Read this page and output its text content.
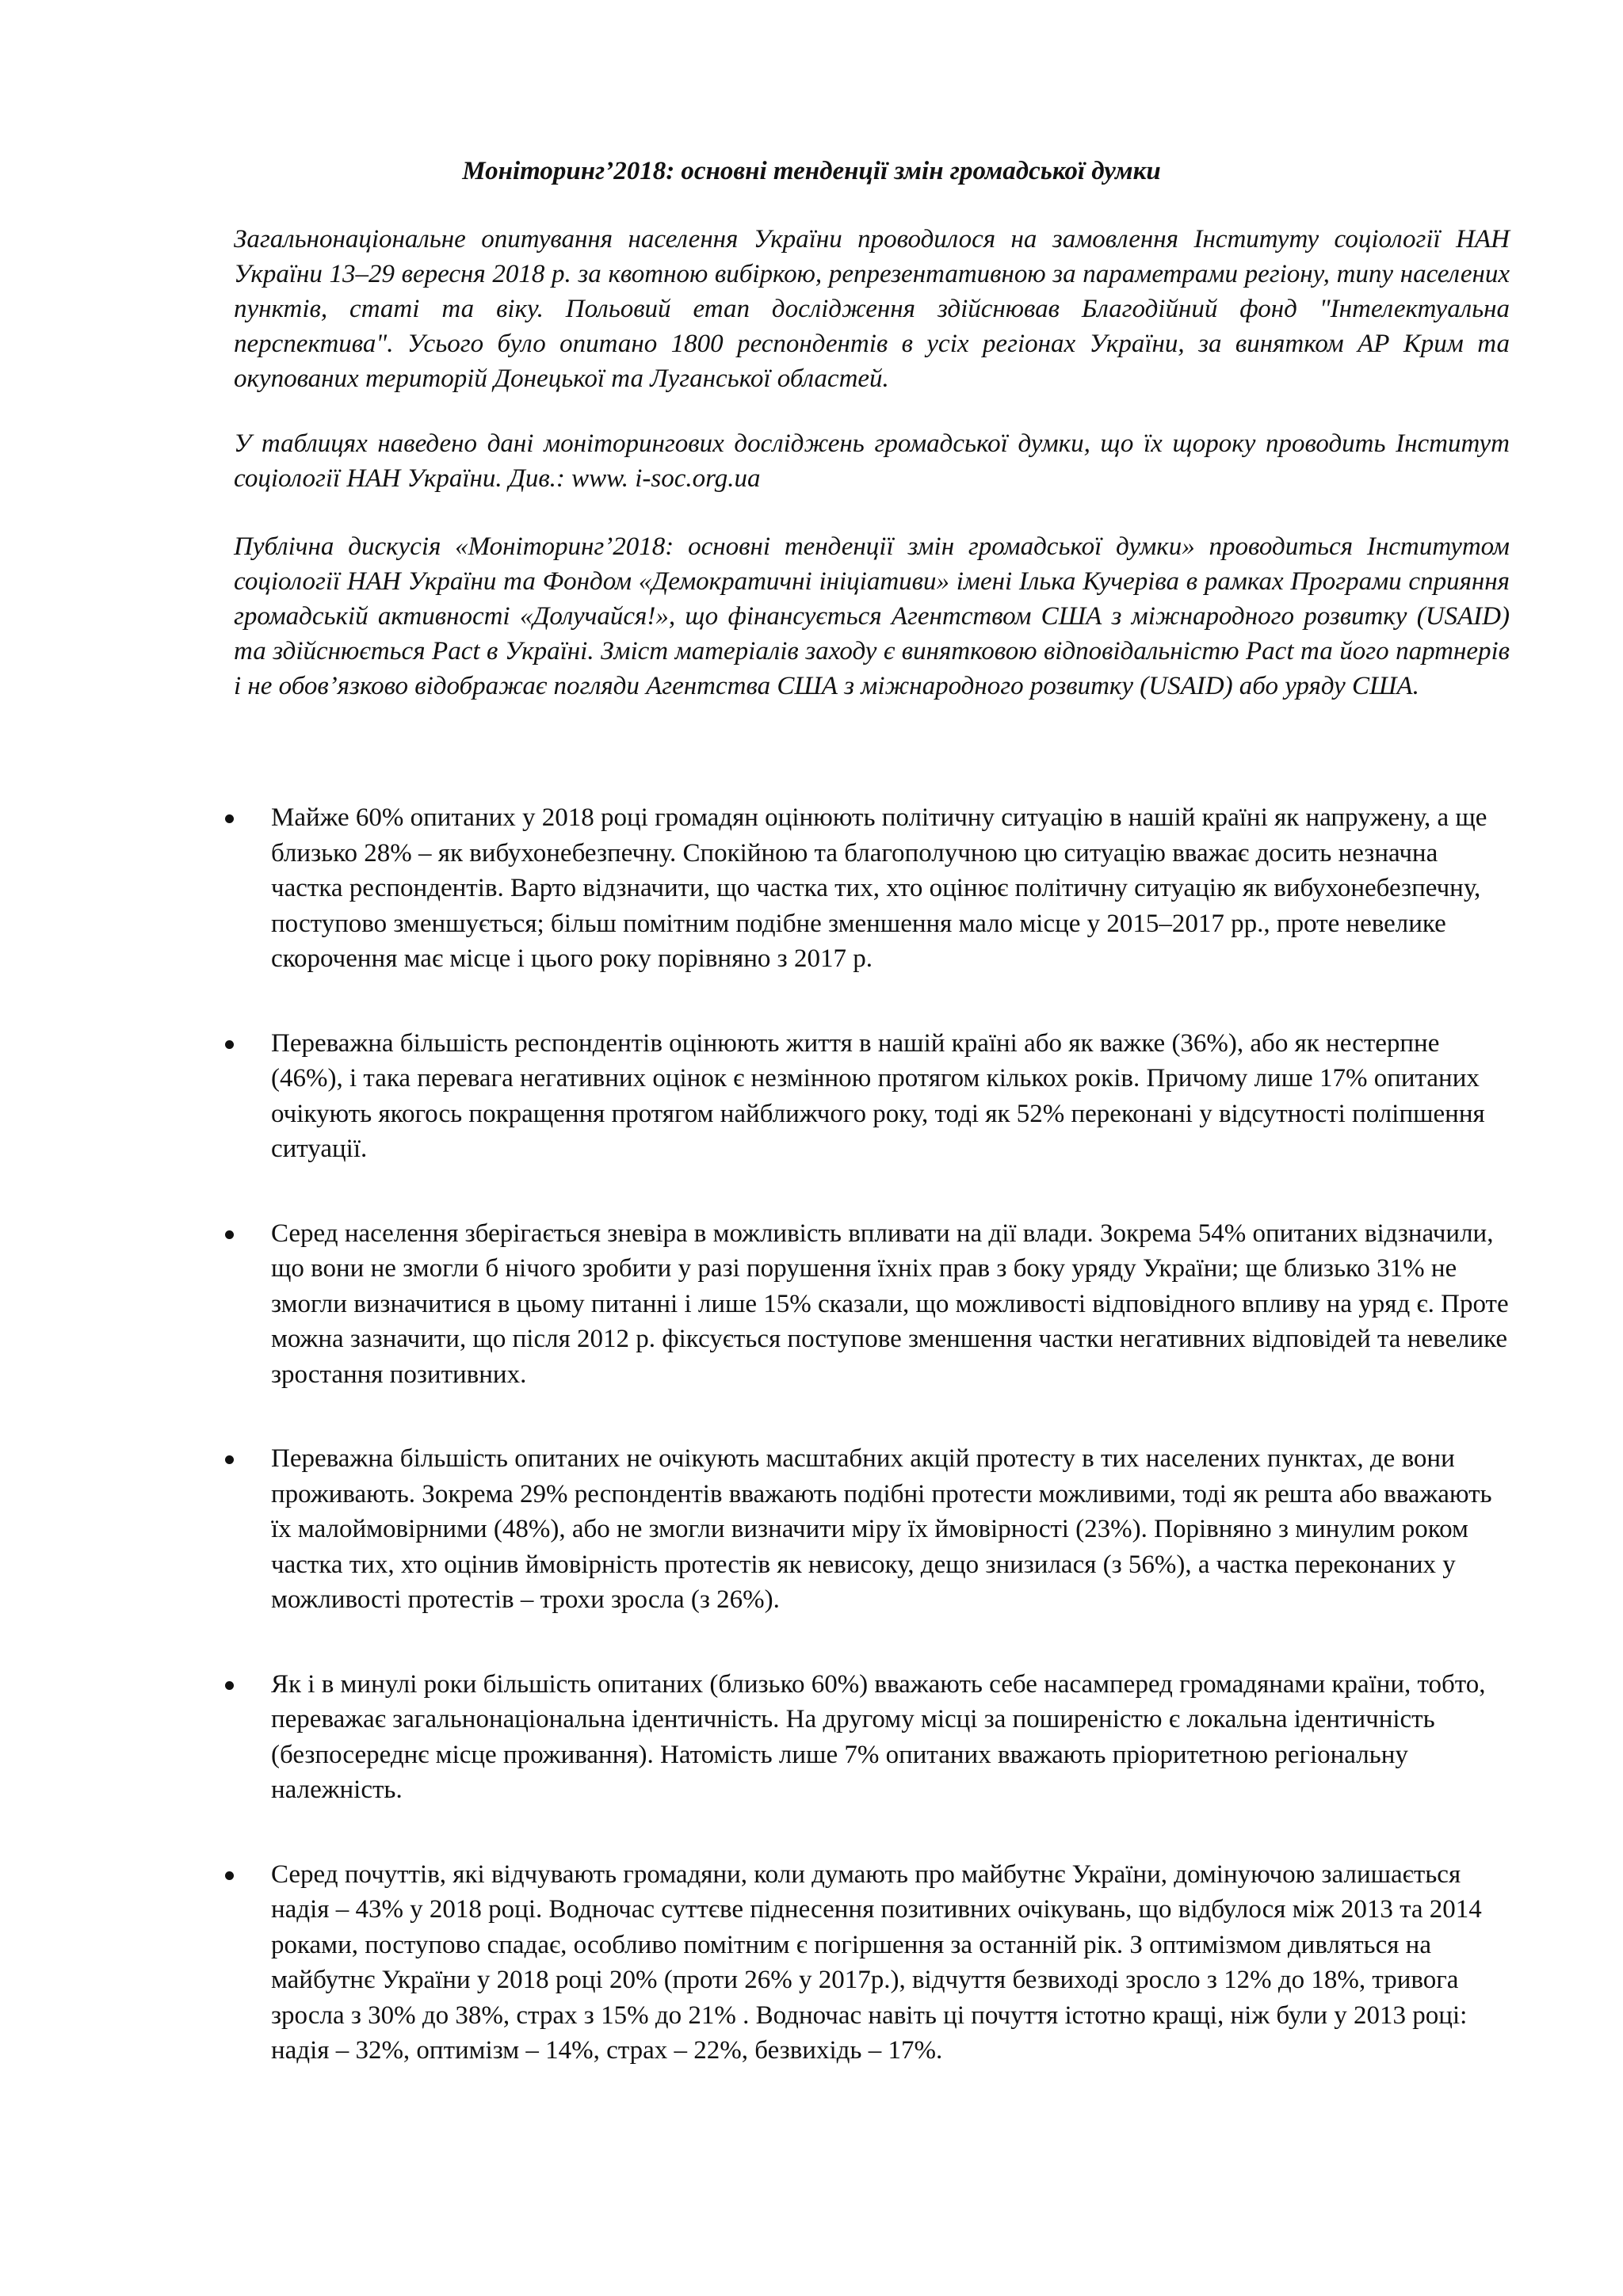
Моніторинг’2018: основні тенденції змін громадської думки

Загальнонаціональне опитування населення України проводилося на замовлення Інституту соціології НАН України 13–29 вересня 2018 р. за квотною вибіркою, репрезентативною за параметрами регіону, типу населених пунктів, статі та віку. Польовий етап дослідження здійснював Благодійний фонд "Інтелектуальна перспектива". Усього було опитано 1800 респондентів в усіх регіонах України, за винятком АР Крим та окупованих територій Донецької та Луганської областей.

У таблицях наведено дані моніторингових досліджень громадської думки, що їх щороку проводить Інститут соціології НАН України. Див.: www. i-soc.org.ua

Публічна дискусія «Моніторинг’2018: основні тенденції змін громадської думки» проводиться Інститутом соціології НАН України та Фондом «Демократичні ініціативи» імені Ілька Кучеріва в рамках Програми сприяння громадській активності «Долучайся!», що фінансується Агентством США з міжнародного розвитку (USAID) та здійснюється Pact в Україні. Зміст матеріалів заходу є винятковою відповідальністю Pact та його партнерів і не обов’язково відображає погляди Агентства США з міжнародного розвитку (USAID) або уряду США.

Майже 60% опитаних у 2018 році громадян оцінюють політичну ситуацію в нашій країні як напружену, а ще близько 28% – як вибухонебезпечну. Спокійною та благополучною цю ситуацію вважає досить незначна частка респондентів. Варто відзначити, що частка тих, хто оцінює політичну ситуацію як вибухонебезпечну, поступово зменшується; більш помітним подібне зменшення мало місце у 2015–2017 рр., проте невелике скорочення має місце і цього року порівняно з 2017 р.
Переважна більшість респондентів оцінюють життя в нашій країні або як важке (36%), або як нестерпне (46%), і така перевага негативних оцінок є незмінною протягом кількох років. Причому лише 17% опитаних очікують якогось покращення протягом найближчого року, тоді як 52% переконані у відсутності поліпшення ситуації.
Серед населення зберігається зневіра в можливість впливати на дії влади. Зокрема 54% опитаних відзначили, що вони не змогли б нічого зробити у разі порушення їхніх прав з боку уряду України; ще близько 31% не змогли визначитися в цьому питанні і лише 15% сказали, що можливості відповідного впливу на уряд є. Проте можна зазначити, що після 2012 р. фіксується поступове зменшення частки негативних відповідей та невелике зростання позитивних.
Переважна більшість опитаних не очікують масштабних акцій протесту в тих населених пунктах, де вони проживають. Зокрема 29% респондентів вважають подібні протести можливими, тоді як решта або вважають їх малоймовірними (48%), або не змогли визначити міру їх ймовірності (23%). Порівняно з минулим роком частка тих, хто оцінив ймовірність протестів як невисоку, дещо знизилася (з 56%), а частка переконаних у можливості протестів – трохи зросла (з 26%).
Як і в минулі роки більшість опитаних (близько 60%) вважають себе насамперед громадянами країни, тобто, переважає загальнонаціональна ідентичність. На другому місці за поширеністю є локальна ідентичність (безпосереднє місце проживання). Натомість лише 7% опитаних вважають пріоритетною регіональну належність.
Серед почуттів, які відчувають громадяни, коли думають про майбутнє України, домінуючою залишається надія – 43% у 2018 році. Водночас суттєве піднесення позитивних очікувань, що відбулося між 2013 та 2014 роками, поступово спадає, особливо помітним є погіршення за останній рік. З оптимізмом дивляться на майбутнє України у 2018 році 20% (проти 26% у 2017р.), відчуття безвиході зросло з 12% до 18%, тривога зросла з 30% до 38%, страх з 15% до 21% . Водночас навіть ці почуття істотно кращі, ніж були у 2013 році: надія – 32%, оптимізм – 14%, страх – 22%, безвихідь – 17%.
